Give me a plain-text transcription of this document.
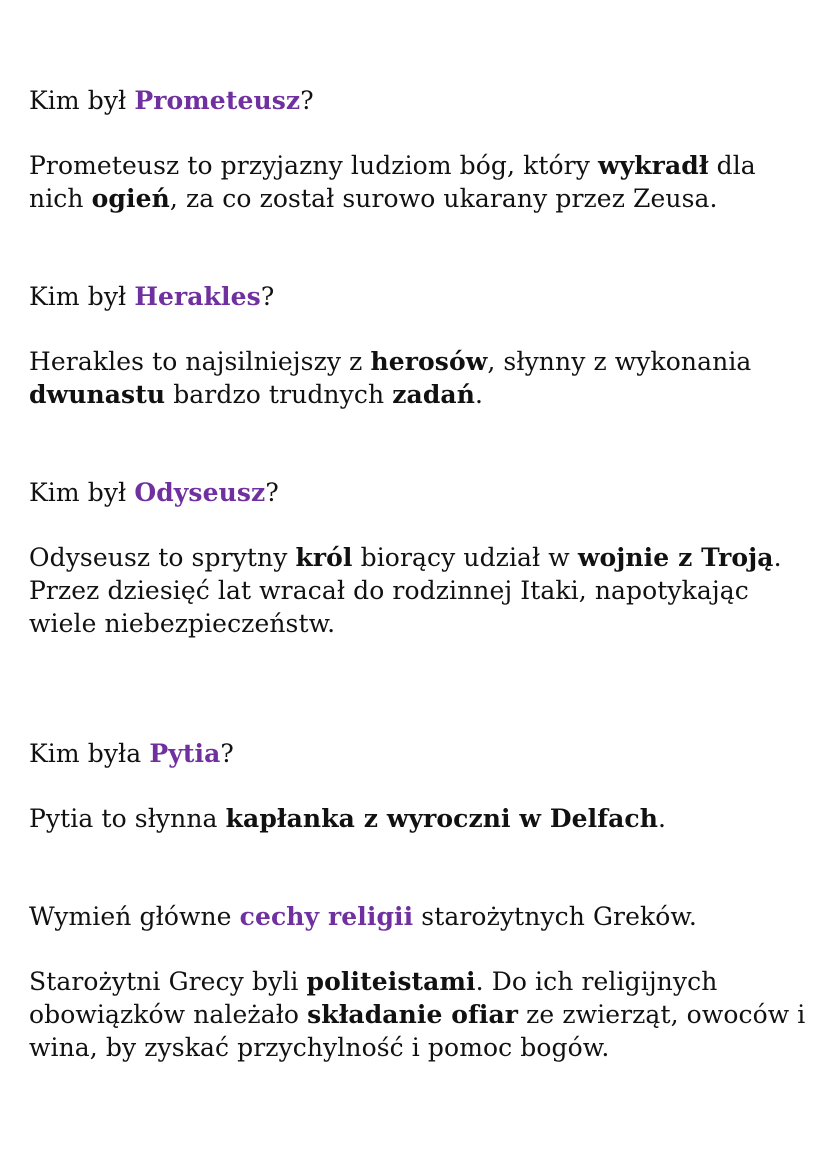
Kim był Prometeusz?
Prometeusz to przyjazny ludziom bóg, który wykradł dla nich ogień, za co został surowo ukarany przez Zeusa.
Kim był Herakles?
Herakles to najsilniejszy z herosów, słynny z wykonania dwunastu bardzo trudnych zadań.
Kim był Odyseusz?
Odyseusz to sprytny król biorący udział w wojnie z Troją. Przez dziesięć lat wracał do rodzinnej Itaki, napotykając wiele niebezpieczeństw.
Kim była Pytia?
Pytia to słynna kapłanka z wyroczni w Delfach.
Wymień główne cechy religii starożytnych Greków.
Starożytni Grecy byli politeistami. Do ich religijnych obowiązków należało składanie ofiar ze zwierząt, owoców i wina, by zyskać przychylność i pomoc bogów.
